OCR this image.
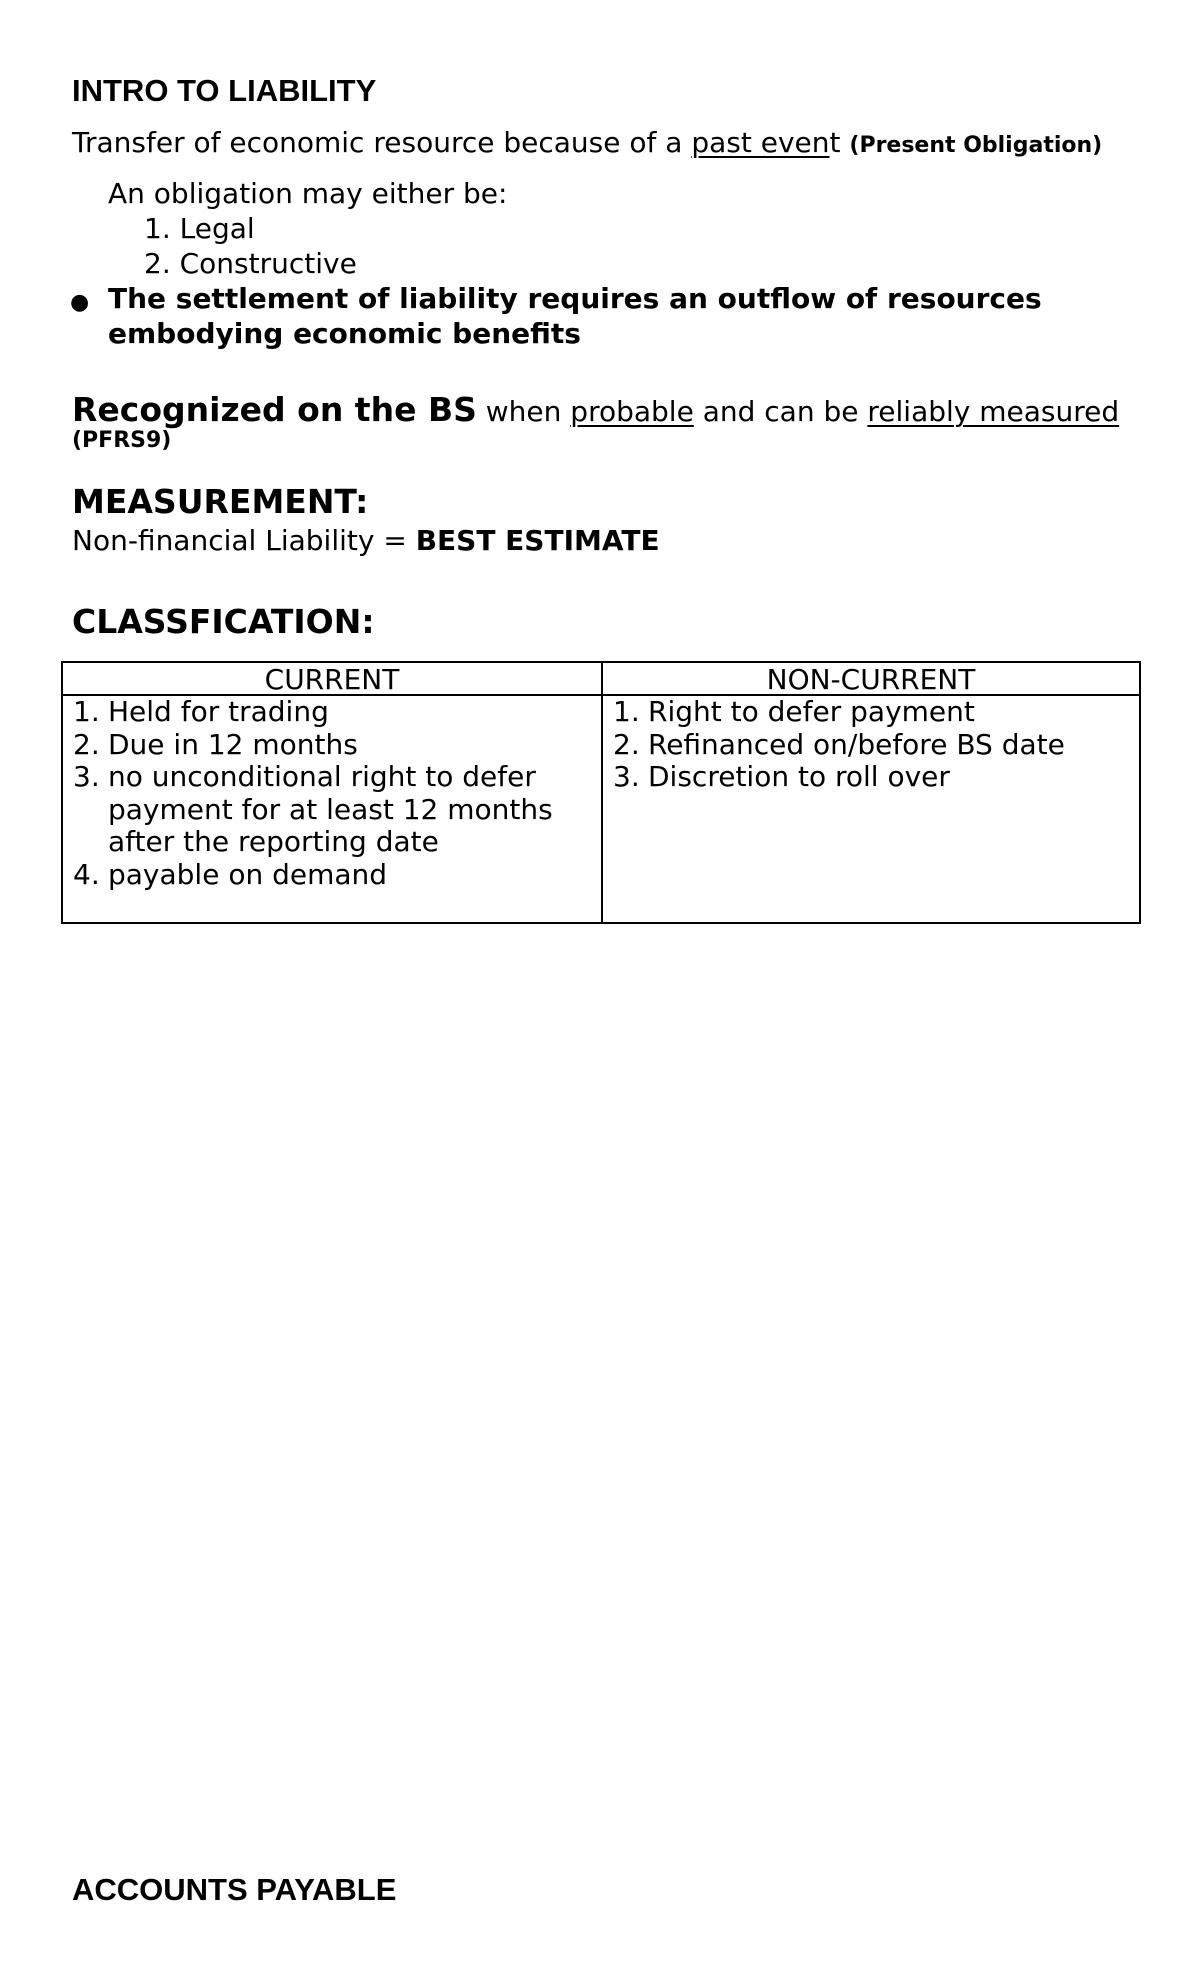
INTRO TO LIABILITY
Transfer of economic resource because of a past event (Present Obligation)
An obligation may either be:
1. Legal
2. Constructive
● The settlement of liability requires an outflow of resources
embodying economic benefits
Recognized on the BS when probable and can be reliably measured
(PFRS9)
MEASUREMENT:
Non-financial Liability = BEST ESTIMATE
CLASSFICATION:
CURRENT
1. Held for trading
2. Due in 12 months
3. no unconditional right to defer payment for at least 12 months after the reporting date
4. payable on demand
NON-CURRENT
1. Right to defer payment
2. Refinanced on/before BS date
3. Discretion to roll over
ACCOUNTS PAYABLE
